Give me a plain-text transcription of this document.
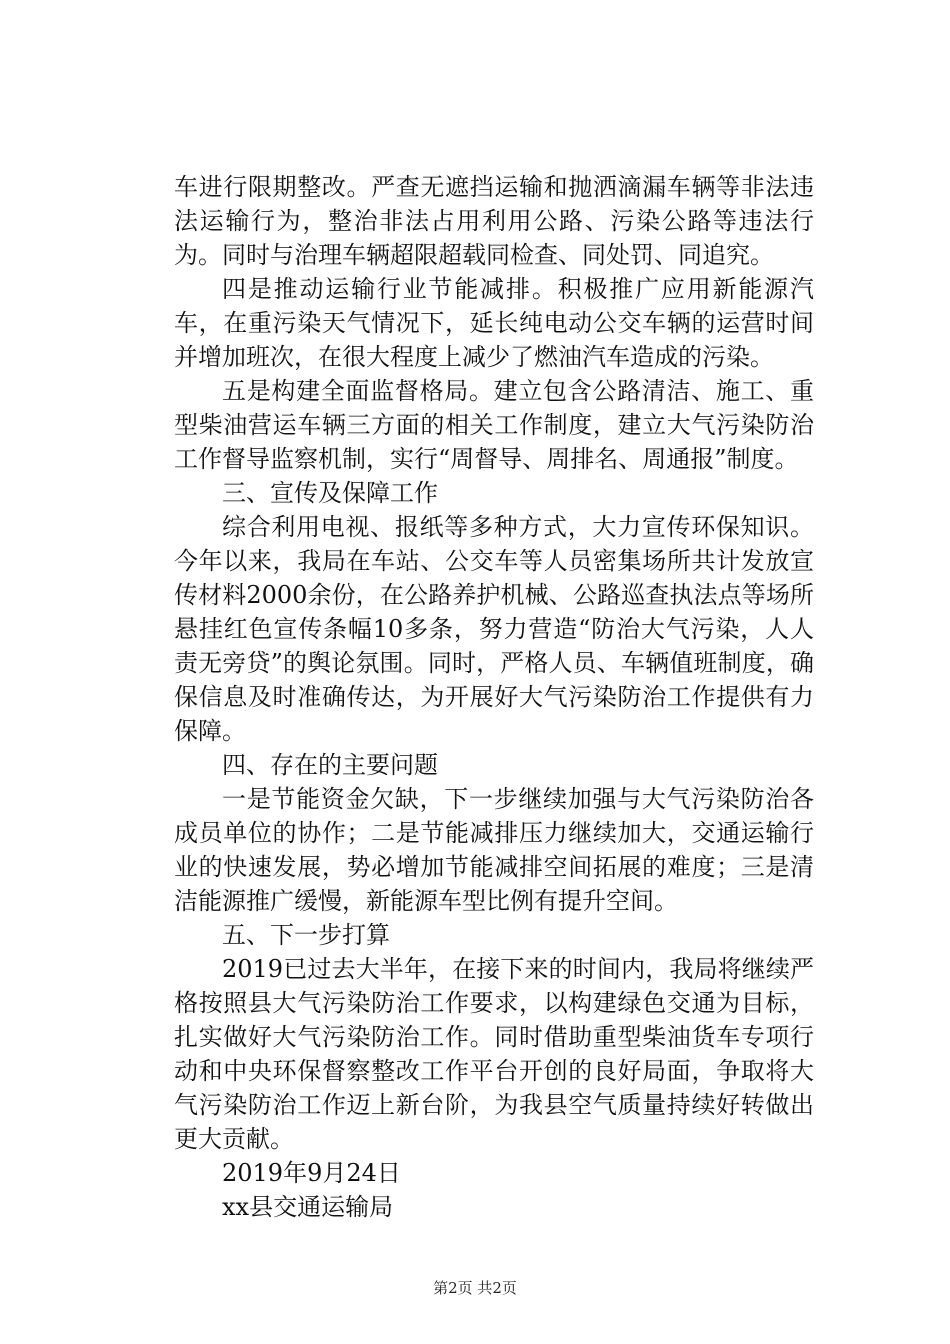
车进行限期整改。严查无遮挡运输和抛洒滴漏车辆等非法违法运输行为，整治非法占用利用公路、污染公路等违法行为。同时与治理车辆超限超载同检查、同处罚、同追究。

四是推动运输行业节能减排。积极推广应用新能源汽车，在重污染天气情况下，延长纯电动公交车辆的运营时间并增加班次，在很大程度上减少了燃油汽车造成的污染。

五是构建全面监督格局。建立包含公路清洁、施工、重型柴油营运车辆三方面的相关工作制度，建立大气污染防治工作督导监察机制，实行“周督导、周排名、周通报”制度。

三、宣传及保障工作

综合利用电视、报纸等多种方式，大力宣传环保知识。今年以来，我局在车站、公交车等人员密集场所共计发放宣传材料2000余份，在公路养护机械、公路巡查执法点等场所悬挂红色宣传条幅10多条，努力营造“防治大气污染，人人责无旁贷”的舆论氛围。同时，严格人员、车辆值班制度，确保信息及时准确传达，为开展好大气污染防治工作提供有力保障。

四、存在的主要问题

一是节能资金欠缺，下一步继续加强与大气污染防治各成员单位的协作；二是节能减排压力继续加大，交通运输行业的快速发展，势必增加节能减排空间拓展的难度；三是清洁能源推广缓慢，新能源车型比例有提升空间。

五、下一步打算

2019已过去大半年，在接下来的时间内，我局将继续严格按照县大气污染防治工作要求，以构建绿色交通为目标，扎实做好大气污染防治工作。同时借助重型柴油货车专项行动和中央环保督察整改工作平台开创的良好局面，争取将大气污染防治工作迈上新台阶，为我县空气质量持续好转做出更大贡献。

2019年9月24日

xx县交通运输局

第2页 共2页
